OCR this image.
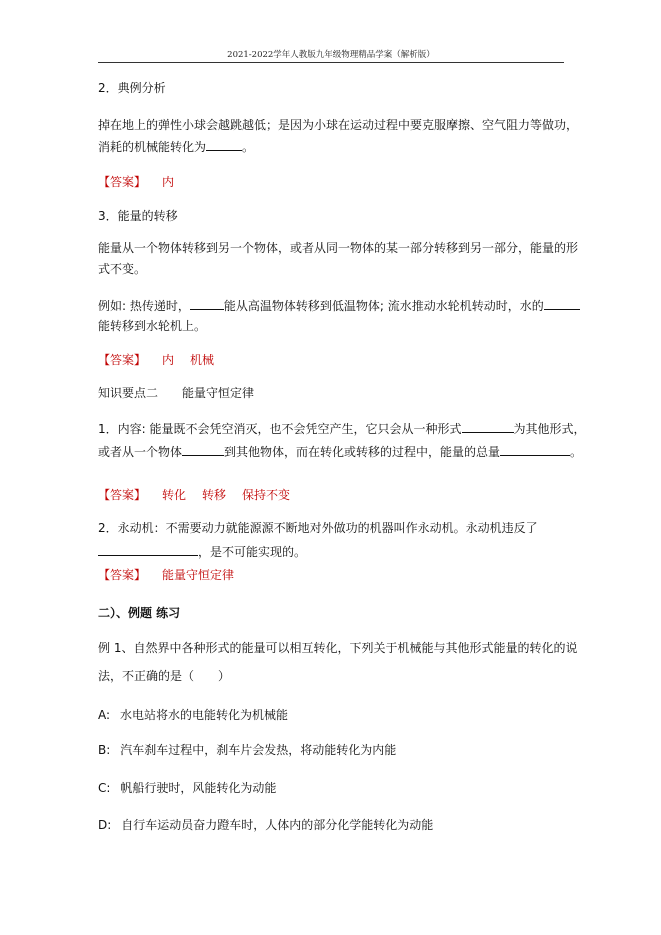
2021-2022学年人教版九年级物理精品学案（解析版）
2．典例分析
掉在地上的弹性小球会越跳越低；是因为小球在运动过程中要克服摩擦、空气阻力等做功，
消耗的机械能转化为	。
【答案】 内
3．能量的转移
能量从一个物体转移到另一个物体，或者从同一物体的某一部分转移到另一部分，能量的形
式不变。
例如: 热传递时，	能从高温物体转移到低温物体; 流水推动水轮机转动时，水的
能转移到水轮机上。
【答案】 内 机械
知识要点二 能量守恒定律
1．内容: 能量既不会凭空消灭，也不会凭空产生，它只会从一种形式	为其他形式，
或者从一个物体	到其他物体，而在转化或转移的过程中，能量的总量	。
【答案】 转化 转移 保持不变
2．永动机：不需要动力就能源源不断地对外做功的机器叫作永动机。永动机违反了
，是不可能实现的。
【答案】 能量守恒定律
二）、例题 练习
例 1、自然界中各种形式的能量可以相互转化，下列关于机械能与其他形式能量的转化的说
法，不正确的是（　　）
A: 水电站将水的电能转化为机械能
B: 汽车刹车过程中，刹车片会发热，将动能转化为内能
C: 帆船行驶时，风能转化为动能
D: 自行车运动员奋力蹬车时，人体内的部分化学能转化为动能
